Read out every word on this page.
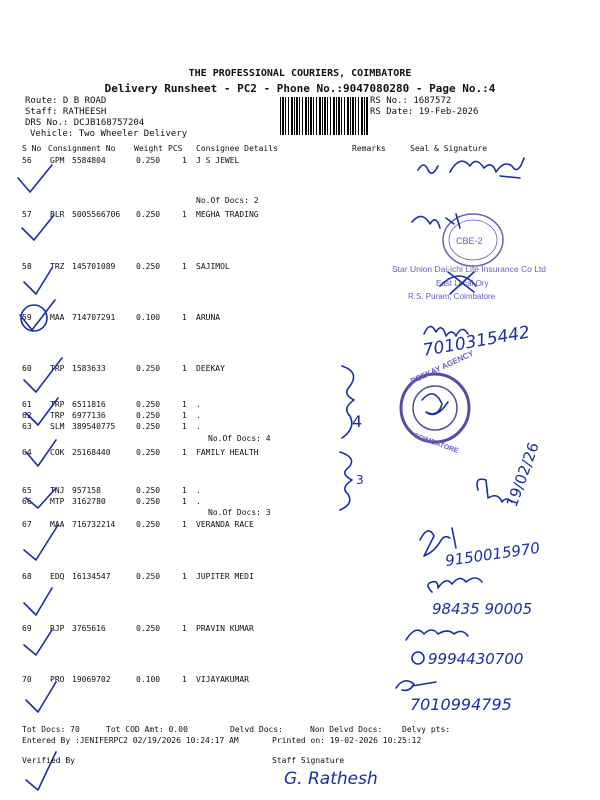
THE PROFESSIONAL COURIERS, COIMBATORE
Delivery Runsheet - PC2 - Phone No.:9047080280 - Page No.:4
Route: D B ROAD
Staff: RATHEESH
DRS No.: DCJB168757204
Vehicle: Two Wheeler Delivery
RS No.: 1687572
RS Date: 19-Feb-2026
S No Consignment No Weight PCS Consignee Details	Remarks	Seal & Signature
56 GPM 5584804	0.250	1 J S JEWEL
57 BLR 5005566706 0.250	1 MEGHA TRADING
58 TRZ 145701089	0.250	1 SAJIMOL
59 MAA 714707291	0.100	1 ARUNA
60 TRP 1583633	0.250	1 DEEKAY
61 TRP 6511816	0.250	1 .
62 TRP 6977136	0.250	1 .
63 SLM 389540775	0.250	1 .
64 COK 25168440	0.250	1 FAMILY HEALTH
65 TNJ 957158	0.250	1 .
66 MTP 3162780	0.250	1 .
67 MAA 716732214	0.250	1 VERANDA RACE
68 EDQ 16134547	0.250	1 JUPITER MEDI
69 RJP 3765616	0.250	1 PRAVIN KUMAR
70 PRO 19069702	0.100	1 VIJAYAKUMAR
No.Of Docs: 2
No.Of Docs: 4
No.Of Docs: 3
CBE-2
Star Union Dai-ichi Life Insurance Co Ltd
East Local Ory
R.S. Puram, Coimbatore
7010315442
4
3
DEEKAY AGENCY
COIMBATORE	19/02/26
9150015970
98435 90005
9994430700
7010994795
G. Rathesh
Tot Docs: 70	Tot COD Amt: 0.00	Delvd Docs:	Non Delvd Docs: Delvy pts:
Entered By :JENIFERPC2 02/19/2026 10:24:17 AM	Printed on: 19-02-2026 10:25:12
Verified By	Staff Signature
